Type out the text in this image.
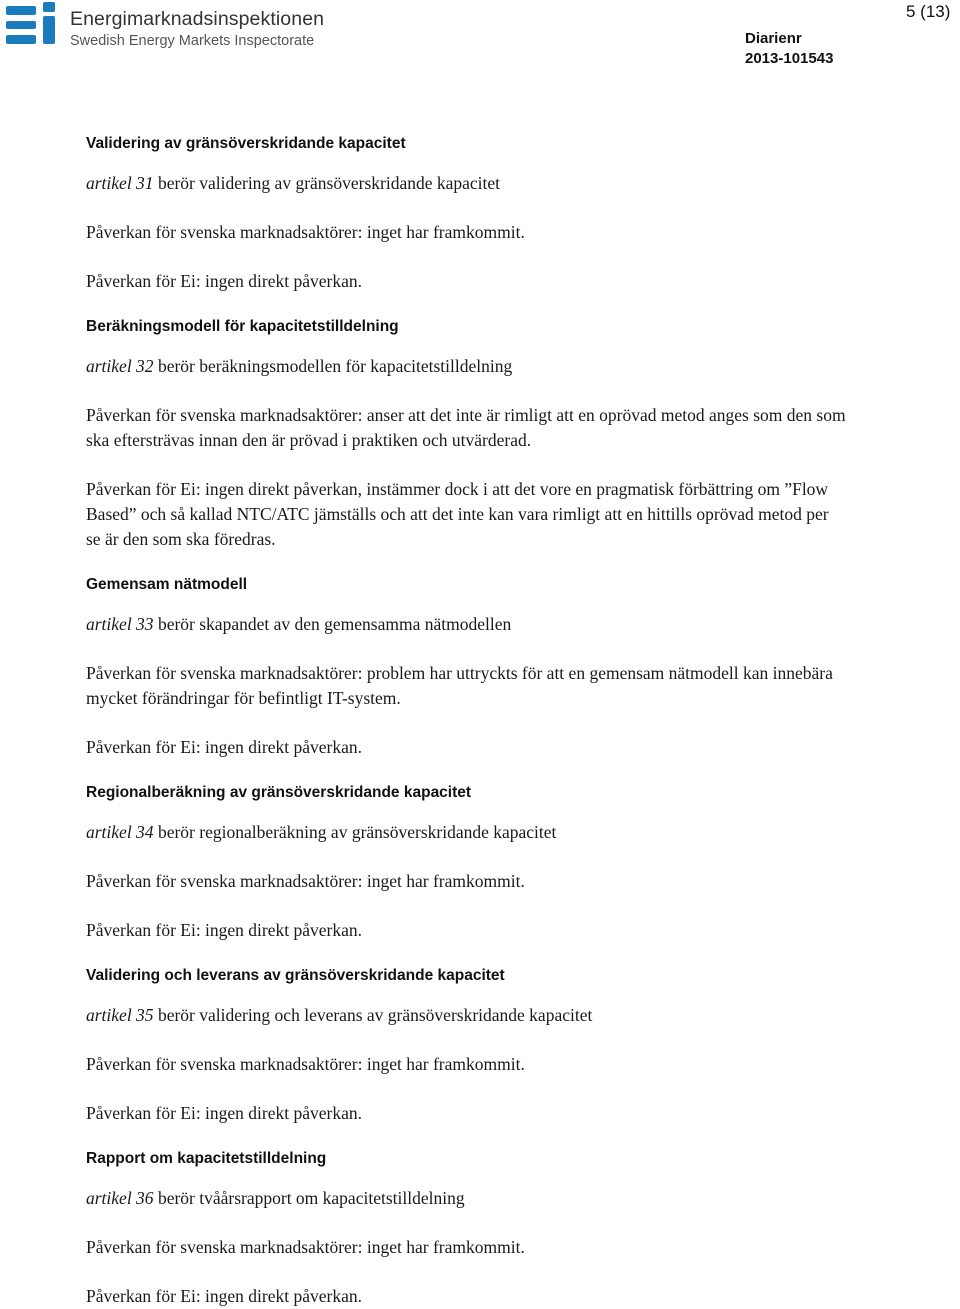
Energimarknadsinspektionen
Swedish Energy Markets Inspectorate	Diarienr
2013-101543
5 (13)
Validering av gränsöverskridande kapacitet

artikel 31 berör validering av gränsöverskridande kapacitet

Påverkan för svenska marknadsaktörer: inget har framkommit.

Påverkan för Ei: ingen direkt påverkan.

Beräkningsmodell för kapacitetstilldelning

artikel 32 berör beräkningsmodellen för kapacitetstilldelning

Påverkan för svenska marknadsaktörer: anser att det inte är rimligt att en oprövad metod anges som den som ska eftersträvas innan den är prövad i praktiken och utvärderad.

Påverkan för Ei: ingen direkt påverkan, instämmer dock i att det vore en pragmatisk förbättring om ”Flow Based” och så kallad NTC/ATC jämställs och att det inte kan vara rimligt att en hittills oprövad metod per se är den som ska föredras.

Gemensam nätmodell

artikel 33 berör skapandet av den gemensamma nätmodellen

Påverkan för svenska marknadsaktörer: problem har uttryckts för att en gemensam nätmodell kan innebära mycket förändringar för befintligt IT-system.

Påverkan för Ei: ingen direkt påverkan.

Regionalberäkning av gränsöverskridande kapacitet

artikel 34 berör regionalberäkning av gränsöverskridande kapacitet

Påverkan för svenska marknadsaktörer: inget har framkommit.

Påverkan för Ei: ingen direkt påverkan.

Validering och leverans av gränsöverskridande kapacitet

artikel 35 berör validering och leverans av gränsöverskridande kapacitet

Påverkan för svenska marknadsaktörer: inget har framkommit.

Påverkan för Ei: ingen direkt påverkan.

Rapport om kapacitetstilldelning

artikel 36 berör tvåårsrapport om kapacitetstilldelning

Påverkan för svenska marknadsaktörer: inget har framkommit.

Påverkan för Ei: ingen direkt påverkan.
